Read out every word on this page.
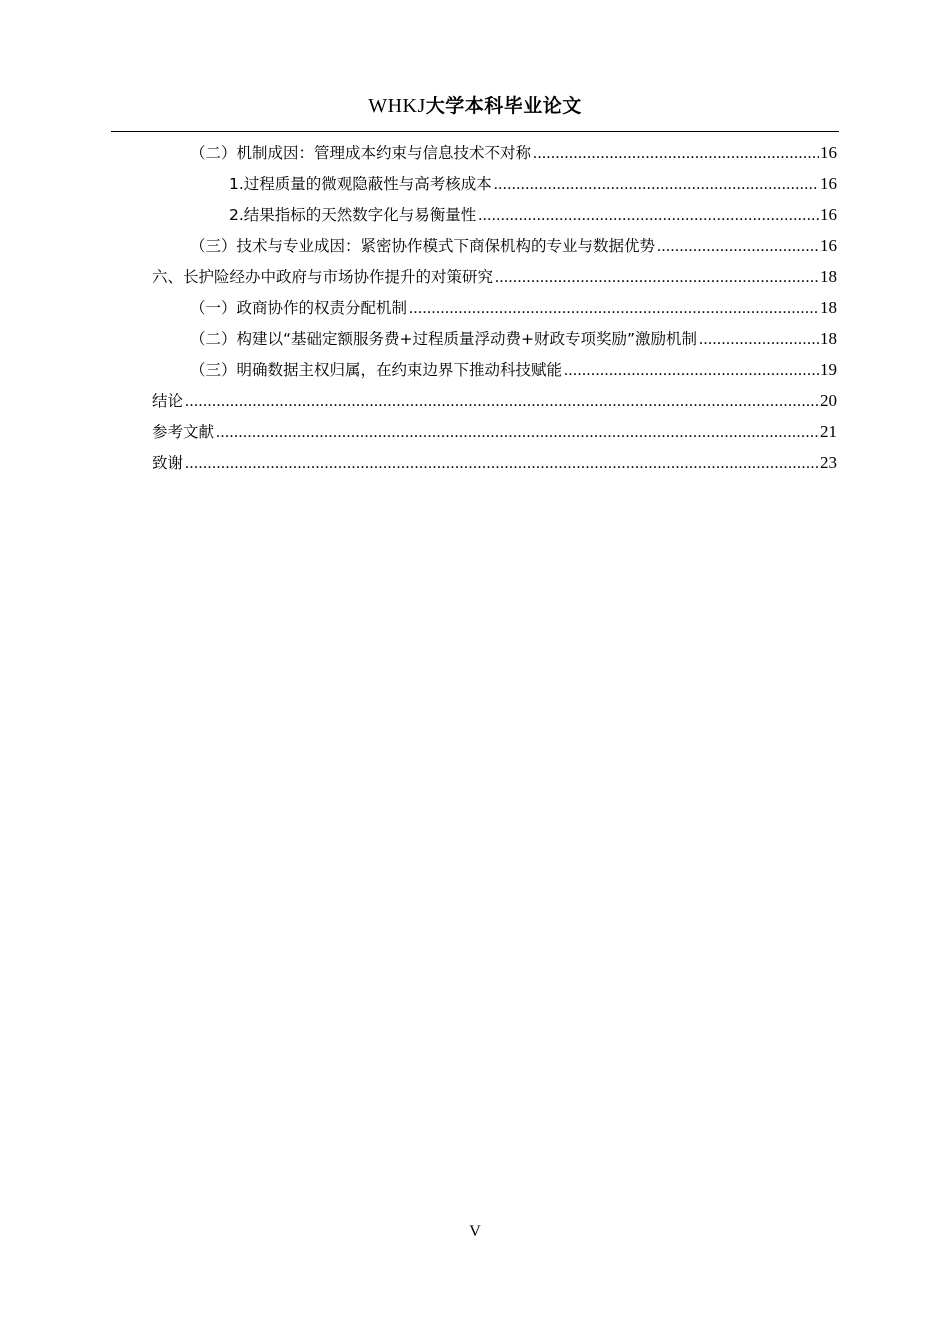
WHKJ大学本科毕业论文
（二）机制成因：管理成本约束与信息技术不对称 .....	16
1.过程质量的微观隐蔽性与高考核成本 .....	16
2.结果指标的天然数字化与易衡量性 .....	16
（三）技术与专业成因：紧密协作模式下商保机构的专业与数据优势 .....	16
六、长护险经办中政府与市场协作提升的对策研究 .....	18
（一）政商协作的权责分配机制 .....	18
（二）构建以“基础定额服务费+过程质量浮动费+财政专项奖励”激励机制 .....	18
（三）明确数据主权归属，在约束边界下推动科技赋能 .....	19
结论 .....	20
参考文献 .....	21
致谢 .....	23
V
